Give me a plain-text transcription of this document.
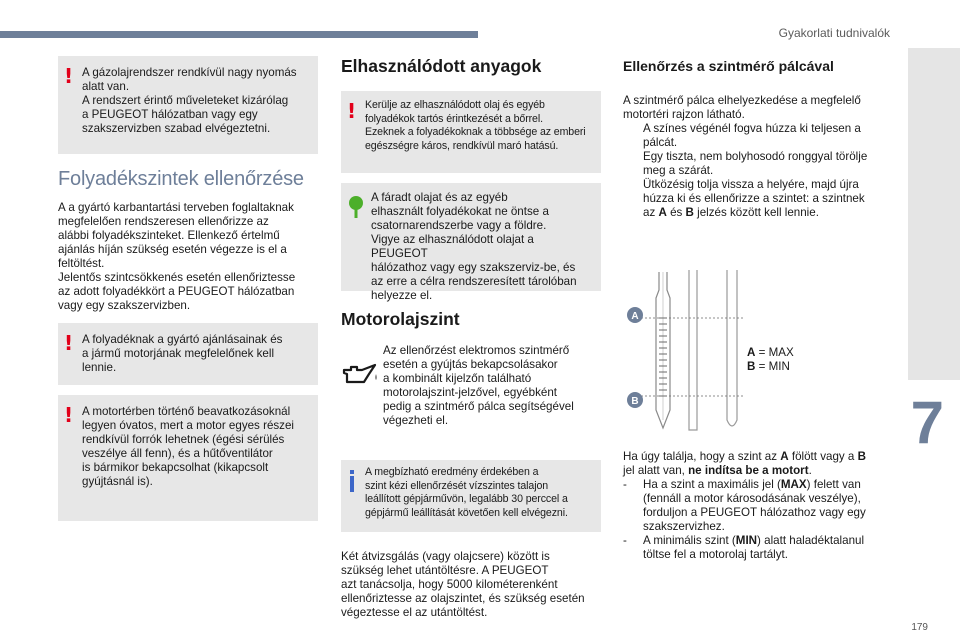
Gyakorlati tudnivalók
7
179
! A gázolajrendszer rendkívül nagy nyomás
alatt van.
A rendszert érintő műveleteket kizárólag
a PEUGEOT hálózatban vagy egy
szakszervizben szabad elvégeztetni.
Folyadékszintek ellenőrzése
A a gyártó karbantartási terveben foglaltaknak
megfelelően rendszeresen ellenőrizze az
alábbi folyadékszinteket. Ellenkező értelmű
ajánlás híján szükség esetén végezze is el a
feltöltést.
Jelentős szintcsökkenés esetén ellenőriztesse
az adott folyadékkört a PEUGEOT hálózatban
vagy egy szakszervizben.
! A folyadéknak a gyártó ajánlásainak és
a jármű motorjának megfelelőnek kell
lennie.
! A motortérben történő beavatkozásoknál
legyen óvatos, mert a motor egyes részei
rendkívül forrók lehetnek (égési sérülés
veszélye áll fenn), és a hűtőventilátor
is bármikor bekapcsolhat (kikapcsolt
gyújtásnál is).
Elhasználódott anyagok
! Kerülje az elhasználódott olaj és egyéb
folyadékok tartós érintkezését a bőrrel.
Ezeknek a folyadékoknak a többsége az emberi
egészségre káros, rendkívül maró hatású.
A fáradt olajat és az egyéb
elhasznált folyadékokat ne öntse a
csatornarendszerbe vagy a földre.
Vigye az elhasználódott olajat a PEUGEOT
hálózathoz vagy egy szakszerviz-be, és
az erre a célra rendszeresített tárolóban
helyezze el.
Motorolajszint
Az ellenőrzést elektromos szintmérő
esetén a gyújtás bekapcsolásakor
a kombinált kijelzőn található
motorolajszint-jelzővel, egyébként
pedig a szintmérő pálca segítségével
végezheti el.
A megbízható eredmény érdekében a
szint kézi ellenőrzését vízszintes talajon
leállított gépjárművön, legalább 30 perccel a
gépjármű leállítását követően kell elvégezni.
Két átvizsgálás (vagy olajcsere) között is
szükség lehet utántöltésre. A PEUGEOT
azt tanácsolja, hogy 5000 kilométerenként
ellenőriztesse az olajszintet, és szükség esetén
végeztesse el az utántöltést.
Ellenőrzés a szintmérő pálcával
A szintmérő pálca elhelyezkedése a megfelelő
motortéri rajzon látható.
A színes végénél fogva húzza ki teljesen a
pálcát.
Egy tiszta, nem bolyhosodó ronggyal törölje
meg a szárát.
Ütközésig tolja vissza a helyére, majd újra
húzza ki és ellenőrizze a szintet: a szintnek
az A és B jelzés között kell lennie.
A
B
A = MAX
B = MIN
Ha úgy találja, hogy a szint az A fölött vagy a B
jel alatt van, ne indítsa be a motort.
- Ha a szint a maximális jel (MAX) felett van
(fennáll a motor károsodásának veszélye),
forduljon a PEUGEOT hálózathoz vagy egy
szakszervizhez.
- A minimális szint (MIN) alatt haladéktalanul
töltse fel a motorolaj tartályt.
